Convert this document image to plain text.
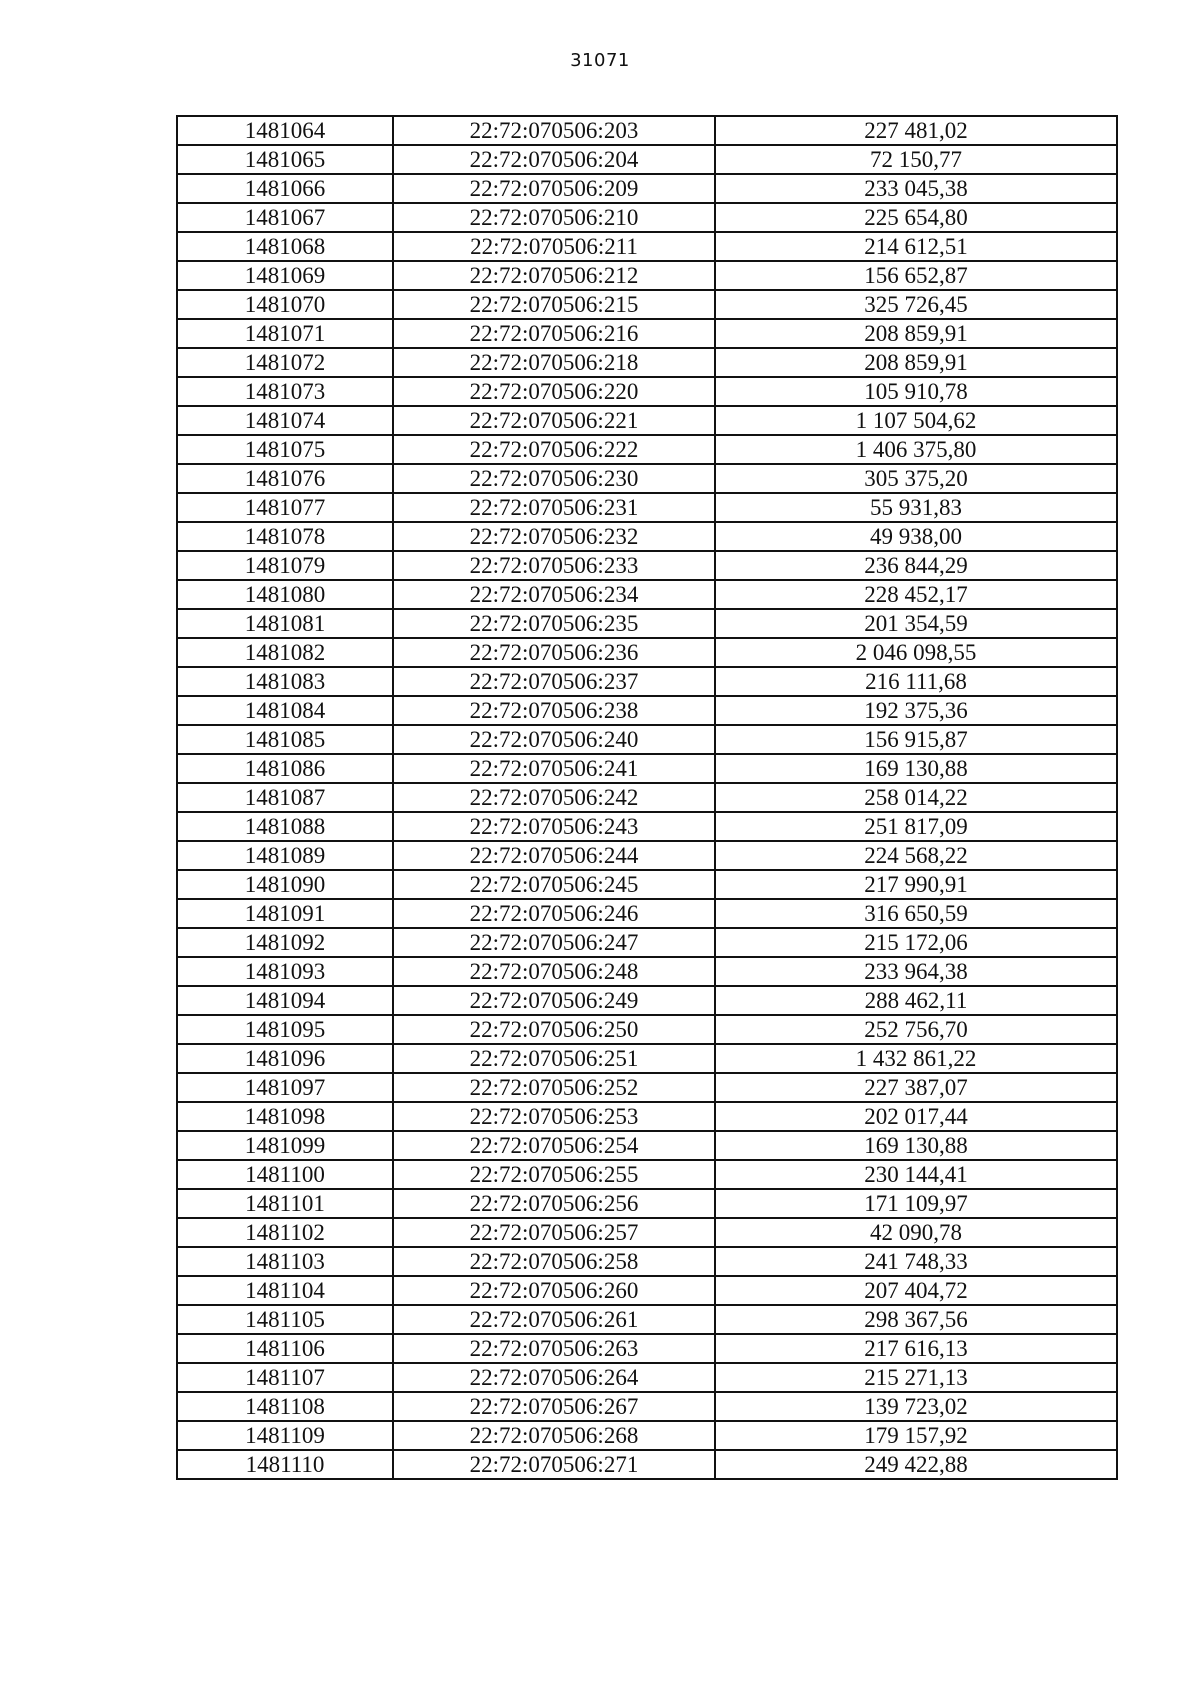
31071
1481064	22:72:070506:203	227 481,02
1481065	22:72:070506:204	72 150,77
1481066	22:72:070506:209	233 045,38
1481067	22:72:070506:210	225 654,80
1481068	22:72:070506:211	214 612,51
1481069	22:72:070506:212	156 652,87
1481070	22:72:070506:215	325 726,45
1481071	22:72:070506:216	208 859,91
1481072	22:72:070506:218	208 859,91
1481073	22:72:070506:220	105 910,78
1481074	22:72:070506:221	1 107 504,62
1481075	22:72:070506:222	1 406 375,80
1481076	22:72:070506:230	305 375,20
1481077	22:72:070506:231	55 931,83
1481078	22:72:070506:232	49 938,00
1481079	22:72:070506:233	236 844,29
1481080	22:72:070506:234	228 452,17
1481081	22:72:070506:235	201 354,59
1481082	22:72:070506:236	2 046 098,55
1481083	22:72:070506:237	216 111,68
1481084	22:72:070506:238	192 375,36
1481085	22:72:070506:240	156 915,87
1481086	22:72:070506:241	169 130,88
1481087	22:72:070506:242	258 014,22
1481088	22:72:070506:243	251 817,09
1481089	22:72:070506:244	224 568,22
1481090	22:72:070506:245	217 990,91
1481091	22:72:070506:246	316 650,59
1481092	22:72:070506:247	215 172,06
1481093	22:72:070506:248	233 964,38
1481094	22:72:070506:249	288 462,11
1481095	22:72:070506:250	252 756,70
1481096	22:72:070506:251	1 432 861,22
1481097	22:72:070506:252	227 387,07
1481098	22:72:070506:253	202 017,44
1481099	22:72:070506:254	169 130,88
1481100	22:72:070506:255	230 144,41
1481101	22:72:070506:256	171 109,97
1481102	22:72:070506:257	42 090,78
1481103	22:72:070506:258	241 748,33
1481104	22:72:070506:260	207 404,72
1481105	22:72:070506:261	298 367,56
1481106	22:72:070506:263	217 616,13
1481107	22:72:070506:264	215 271,13
1481108	22:72:070506:267	139 723,02
1481109	22:72:070506:268	179 157,92
1481110	22:72:070506:271	249 422,88
